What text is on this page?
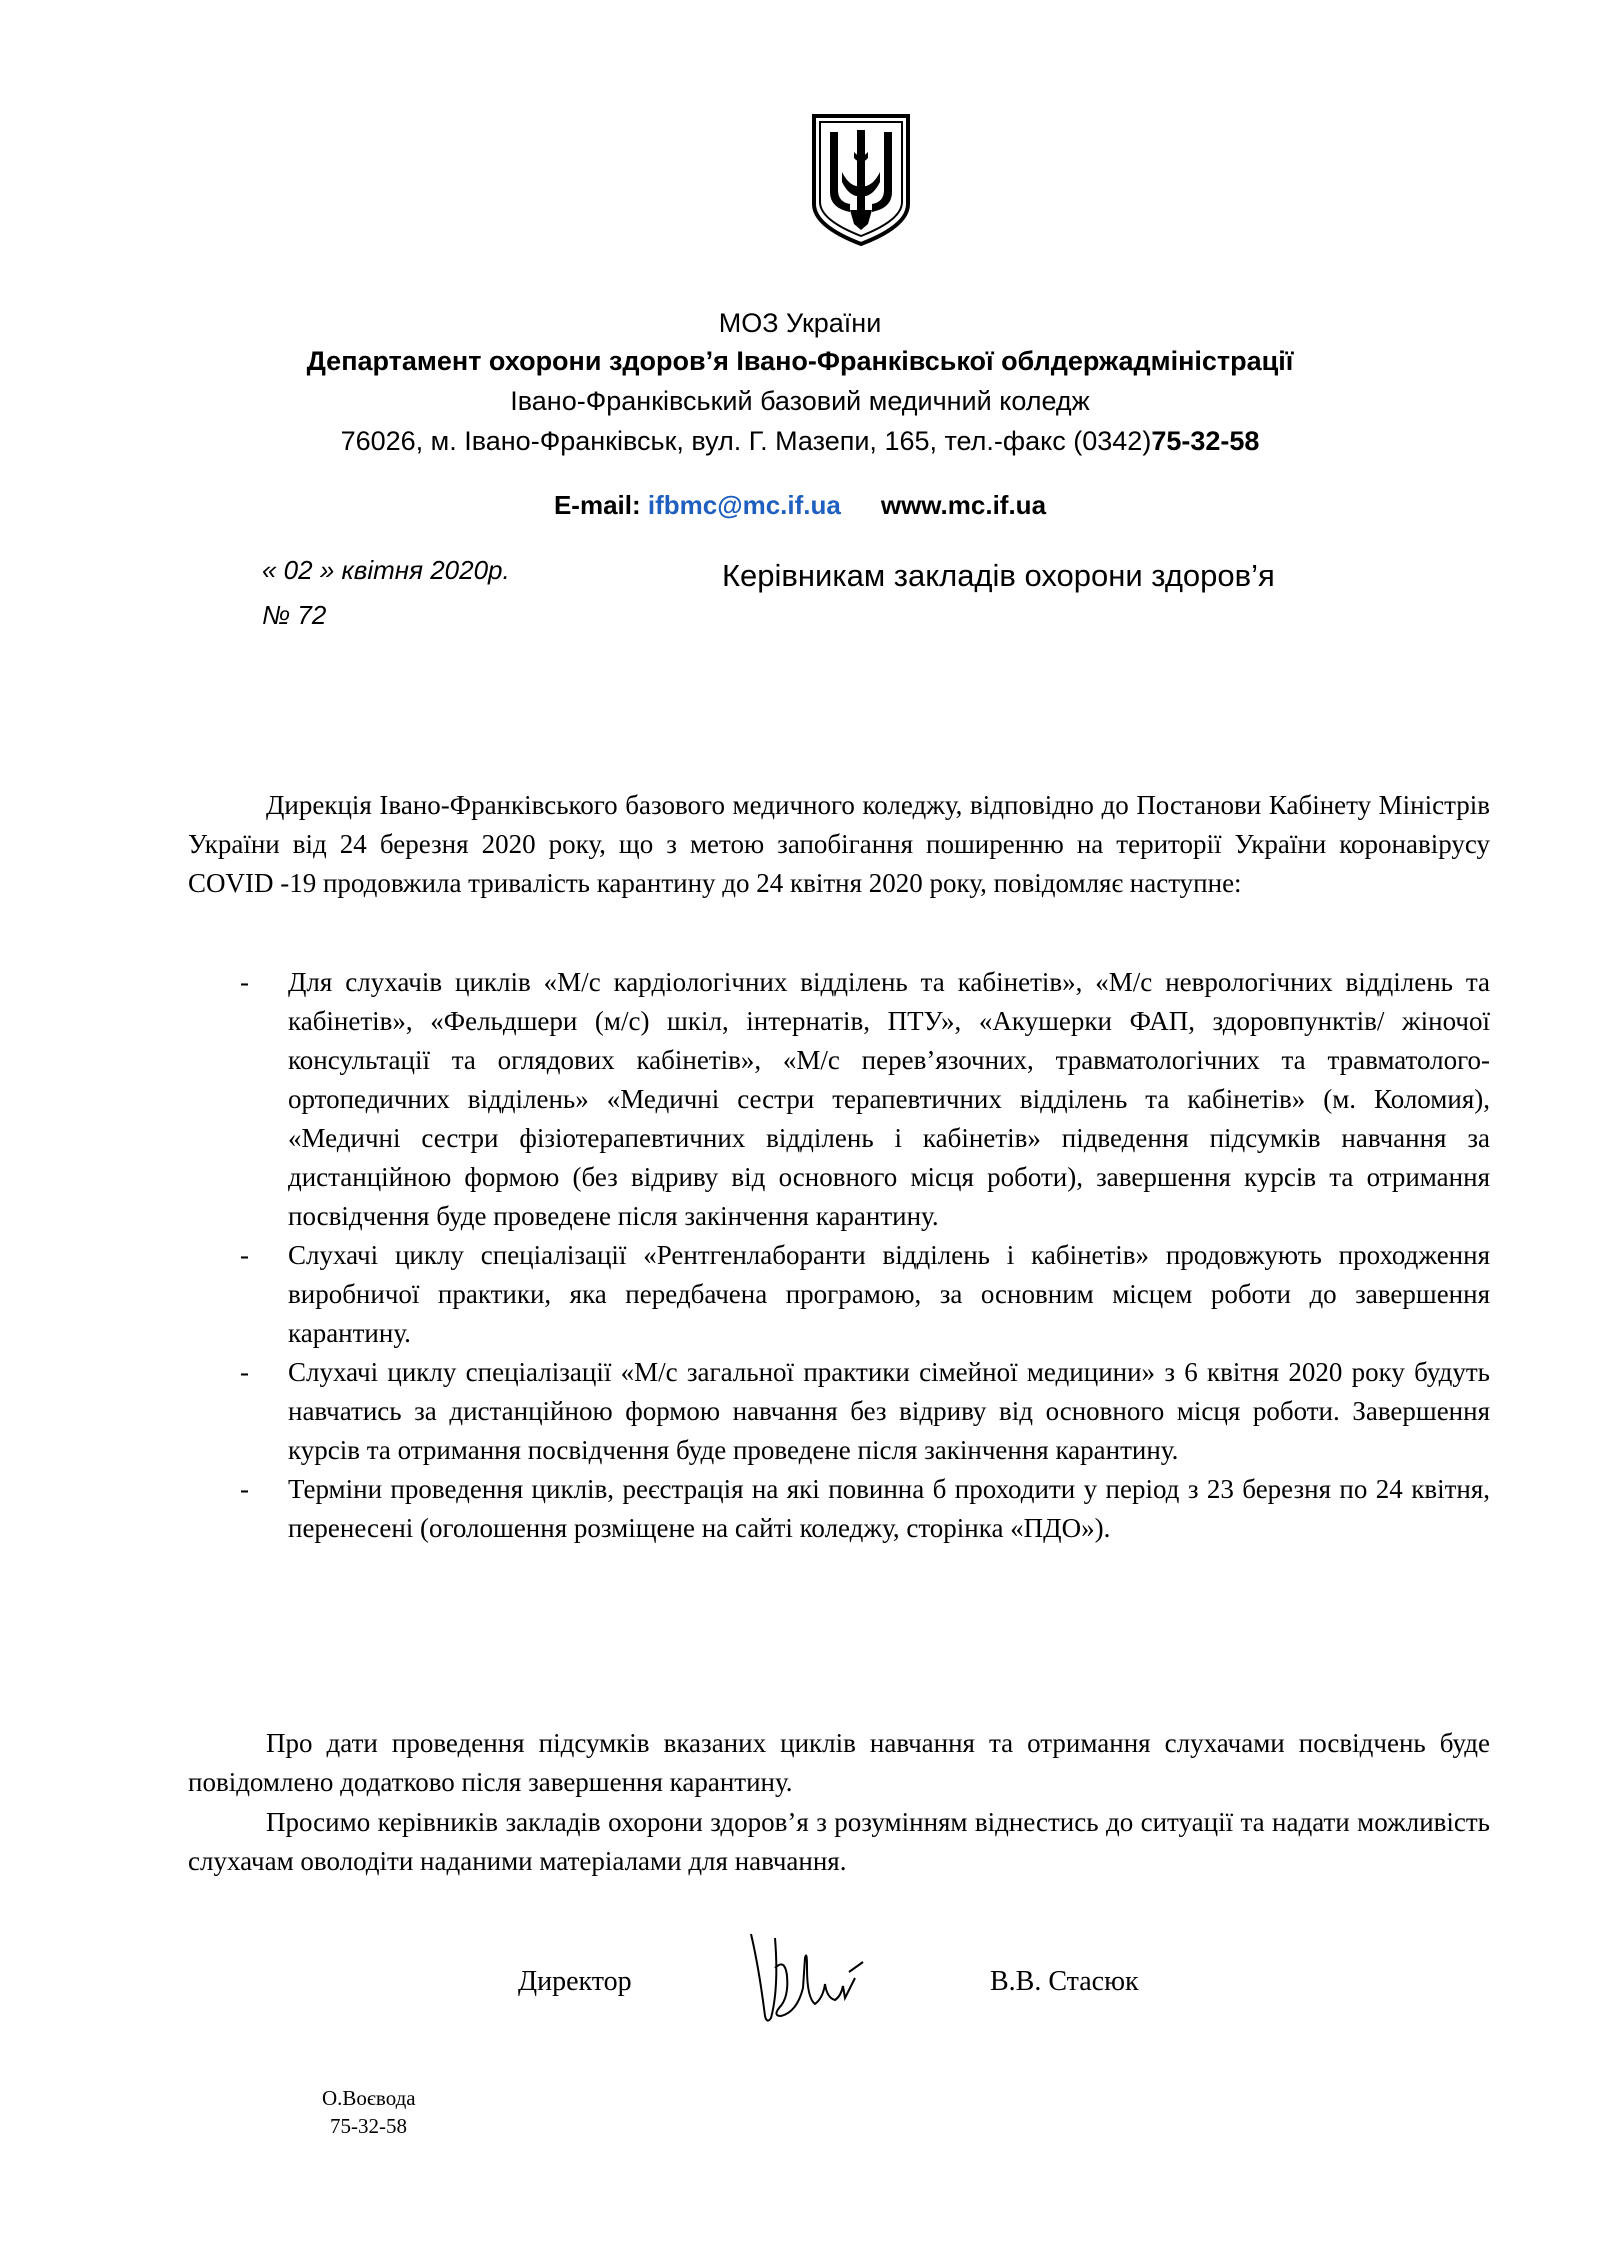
МОЗ України
Департамент охорони здоров’я Івано-Франківської облдержадміністрації
Івано-Франківський базовий медичний коледж
76026, м. Івано-Франківськ, вул. Г. Мазепи, 165, тел.-факс (0342)75-32-58
E-mail: ifbmc@mc.if.ua www.mc.if.ua
« 02 » квітня 2020р.
№ 72
Керівникам закладів охорони здоров’я

Дирекція Івано-Франківського базового медичного коледжу, відповідно до Постанови Кабінету Міністрів України від 24 березня 2020 року, що з метою запобігання поширенню на території України коронавірусу COVID -19 продовжила тривалість карантину до 24 квітня 2020 року, повідомляє наступне:

- Для слухачів циклів «М/с кардіологічних відділень та кабінетів», «М/с неврологічних відділень та кабінетів», «Фельдшери (м/с) шкіл, інтернатів, ПТУ», «Акушерки ФАП, здоровпунктів/ жіночої консультації та оглядових кабінетів», «М/с перев’язочних, травматологічних та травматолого-ортопедичних відділень» «Медичні сестри терапевтичних відділень та кабінетів» (м. Коломия), «Медичні сестри фізіотерапевтичних відділень і кабінетів» підведення підсумків навчання за дистанційною формою (без відриву від основного місця роботи), завершення курсів та отримання посвідчення буде проведене після закінчення карантину.
- Слухачі циклу спеціалізації «Рентгенлаборанти відділень і кабінетів» продовжують проходження виробничої практики, яка передбачена програмою, за основним місцем роботи до завершення карантину.
- Слухачі циклу спеціалізації «М/с загальної практики сімейної медицини» з 6 квітня 2020 року будуть навчатись за дистанційною формою навчання без відриву від основного місця роботи. Завершення курсів та отримання посвідчення буде проведене після закінчення карантину.
- Терміни проведення циклів, реєстрація на які повинна б проходити у період з 23 березня по 24 квітня, перенесені (оголошення розміщене на сайті коледжу, сторінка «ПДО»).

Про дати проведення підсумків вказаних циклів навчання та отримання слухачами посвідчень буде повідомлено додатково після завершення карантину.

Просимо керівників закладів охорони здоров’я з розумінням віднестись до ситуації та надати можливість слухачам оволодіти наданими матеріалами для навчання.

Директор	В.В. Стасюк
О.Воєвода
75-32-58
